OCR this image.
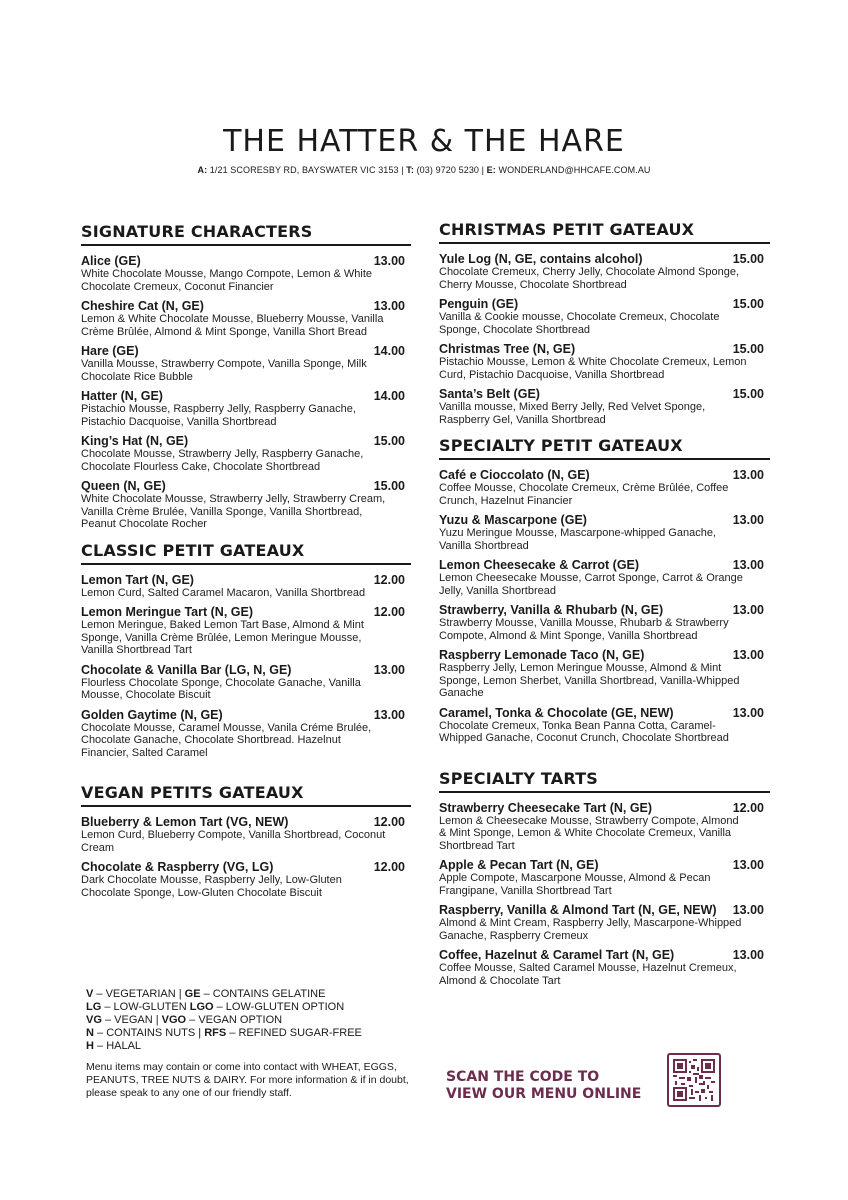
THE HATTER & THE HARE
A: 1/21 SCORESBY RD, BAYSWATER VIC 3153 | T: (03) 9720 5230 | E: WONDERLAND@HHCAFE.COM.AU
SIGNATURE CHARACTERS
Alice (GE)	13.00
White Chocolate Mousse, Mango Compote, Lemon & White Chocolate Cremeux, Coconut Financier
Cheshire Cat (N, GE)	13.00
Lemon & White Chocolate Mousse, Blueberry Mousse, Vanilla Crème Brûlée, Almond & Mint Sponge, Vanilla Short Bread
Hare (GE)	14.00
Vanilla Mousse, Strawberry Compote, Vanilla Sponge, Milk Chocolate Rice Bubble
Hatter (N, GE)	14.00
Pistachio Mousse, Raspberry Jelly, Raspberry Ganache, Pistachio Dacquoise, Vanilla Shortbread
King’s Hat (N, GE)	15.00
Chocolate Mousse, Strawberry Jelly, Raspberry Ganache, Chocolate Flourless Cake, Chocolate Shortbread
Queen (N, GE)	15.00
White Chocolate Mousse, Strawberry Jelly, Strawberry Cream, Vanilla Crème Brulée, Vanilla Sponge, Vanilla Shortbread, Peanut Chocolate Rocher
CLASSIC PETIT GATEAUX
Lemon Tart (N, GE)	12.00
Lemon Curd, Salted Caramel Macaron, Vanilla Shortbread
Lemon Meringue Tart (N, GE)	12.00
Lemon Meringue, Baked Lemon Tart Base, Almond & Mint Sponge, Vanilla Crème Brûlée, Lemon Meringue Mousse, Vanilla Shortbread Tart
Chocolate & Vanilla Bar (LG, N, GE)	13.00
Flourless Chocolate Sponge, Chocolate Ganache, Vanilla Mousse, Chocolate Biscuit
Golden Gaytime (N, GE)	13.00
Chocolate Mousse, Caramel Mousse, Vanila Créme Brulée, Chocolate Ganache, Chocolate Shortbread. Hazelnut Financier, Salted Caramel
VEGAN PETITS GATEAUX
Blueberry & Lemon Tart (VG, NEW)	12.00
Lemon Curd, Blueberry Compote, Vanilla Shortbread, Coconut Cream
Chocolate & Raspberry (VG, LG)	12.00
Dark Chocolate Mousse, Raspberry Jelly, Low-Gluten Chocolate Sponge, Low-Gluten Chocolate Biscuit
CHRISTMAS PETIT GATEAUX
Yule Log (N, GE, contains alcohol)	15.00
Chocolate Cremeux, Cherry Jelly, Chocolate Almond Sponge, Cherry Mousse, Chocolate Shortbread
Penguin (GE)	15.00
Vanilla & Cookie mousse, Chocolate Cremeux, Chocolate Sponge, Chocolate Shortbread
Christmas Tree (N, GE)	15.00
Pistachio Mousse, Lemon & White Chocolate Cremeux, Lemon Curd, Pistachio Dacquoise, Vanilla Shortbread
Santa’s Belt (GE)	15.00
Vanilla mousse, Mixed Berry Jelly, Red Velvet Sponge, Raspberry Gel, Vanilla Shortbread
SPECIALTY PETIT GATEAUX
Café e Cioccolato (N, GE)	13.00
Coffee Mousse, Chocolate Cremeux, Crème Brûlée, Coffee Crunch, Hazelnut Financier
Yuzu & Mascarpone (GE)	13.00
Yuzu Meringue Mousse, Mascarpone-whipped Ganache, Vanilla Shortbread
Lemon Cheesecake & Carrot (GE)	13.00
Lemon Cheesecake Mousse, Carrot Sponge, Carrot & Orange Jelly, Vanilla Shortbread
Strawberry, Vanilla & Rhubarb (N, GE)	13.00
Strawberry Mousse, Vanilla Mousse, Rhubarb & Strawberry Compote, Almond & Mint Sponge, Vanilla Shortbread
Raspberry Lemonade Taco (N, GE)	13.00
Raspberry Jelly, Lemon Meringue Mousse, Almond & Mint Sponge, Lemon Sherbet, Vanilla Shortbread, Vanilla-Whipped Ganache
Caramel, Tonka & Chocolate (GE, NEW)	13.00
Chocolate Cremeux, Tonka Bean Panna Cotta, Caramel-Whipped Ganache, Coconut Crunch, Chocolate Shortbread
SPECIALTY TARTS
Strawberry Cheesecake Tart (N, GE)	12.00
Lemon & Cheesecake Mousse, Strawberry Compote, Almond & Mint Sponge, Lemon & White Chocolate Cremeux, Vanilla Shortbread Tart
Apple & Pecan Tart (N, GE)	13.00
Apple Compote, Mascarpone Mousse, Almond & Pecan Frangipane, Vanilla Shortbread Tart
Raspberry, Vanilla & Almond Tart (N, GE, NEW) 13.00
Almond & Mint Cream, Raspberry Jelly, Mascarpone-Whipped Ganache, Raspberry Cremeux
Coffee, Hazelnut & Caramel Tart (N, GE)	13.00
Coffee Mousse, Salted Caramel Mousse, Hazelnut Cremeux, Almond & Chocolate Tart
V – VEGETARIAN | GE – CONTAINS GELATINE
LG – LOW-GLUTEN LGO – LOW-GLUTEN OPTION
VG – VEGAN | VGO – VEGAN OPTION
N – CONTAINS NUTS | RFS – REFINED SUGAR-FREE
H – HALAL
Menu items may contain or come into contact with WHEAT, EGGS, PEANUTS, TREE NUTS & DAIRY. For more information & if in doubt, please speak to any one of our friendly staff.
SCAN THE CODE TO
VIEW OUR MENU ONLINE
